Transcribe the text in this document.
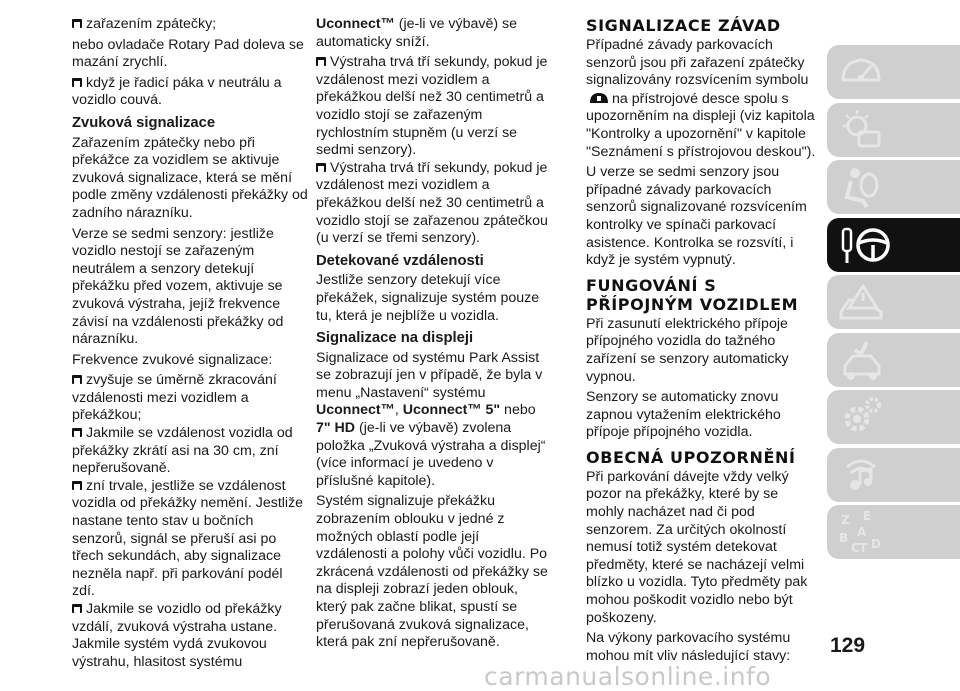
zařazením zpátečky;

nebo ovladače Rotary Pad doleva se mazání zrychlí.

když je řadicí páka v neutrálu a vozidlo couvá.

Zvuková signalizace

Zařazením zpátečky nebo při překážce za vozidlem se aktivuje zvuková signalizace, která se mění podle změny vzdálenosti překážky od zadního nárazníku.

Verze se sedmi senzory: jestliže vozidlo nestojí se zařazeným neutrálem a senzory detekují překážku před vozem, aktivuje se zvuková výstraha, jejíž frekvence závisí na vzdálenosti překážky od nárazníku.

Frekvence zvukové signalizace:

zvyšuje se úměrně zkracování vzdálenosti mezi vozidlem a překážkou;

Jakmile se vzdálenost vozidla od překážky zkrátí asi na 30 cm, zní nepřerušovaně.

zní trvale, jestliže se vzdálenost vozidla od překážky nemění. Jestliže nastane tento stav u bočních senzorů, signál se přeruší asi po třech sekundách, aby signalizace nezněla např. při parkování podél zdí.

Jakmile se vozidlo od překážky vzdálí, zvuková výstraha ustane.

Jakmile systém vydá zvukovou výstrahu, hlasitost systému

Uconnect™ (je-li ve výbavě) se automaticky sníží.

Výstraha trvá tří sekundy, pokud je vzdálenost mezi vozidlem a překážkou delší než 30 centimetrů a vozidlo stojí se zařazeným rychlostním stupněm (u verzí se sedmi senzory).

Výstraha trvá tří sekundy, pokud je vzdálenost mezi vozidlem a překážkou delší než 30 centimetrů a vozidlo stojí se zařazenou zpátečkou (u verzí se třemi senzory).

Detekované vzdálenosti

Jestliže senzory detekují více překážek, signalizuje systém pouze tu, která je nejblíže u vozidla.

Signalizace na displeji

Signalizace od systému Park Assist se zobrazují jen v případě, že byla v menu „Nastavení“ systému Uconnect™, Uconnect™ 5" nebo 7" HD (je-li ve výbavě) zvolena položka „Zvuková výstraha a displej“ (více informací je uvedeno v příslušné kapitole).

Systém signalizuje překážku zobrazením oblouku v jedné z možných oblastí podle její vzdálenosti a polohy vůči vozidlu. Po zkrácená vzdálenosti od překážky se na displeji zobrazí jeden oblouk, který pak začne blikat, spustí se přerušovaná zvuková signalizace, která pak zní nepřerušovaně.

SIGNALIZACE ZÁVAD

Případné závady parkovacích senzorů jsou při zařazení zpátečky signalizovány rozsvícením symboluna přístrojové desce spolu s upozorněním na displeji (viz kapitola "Kontrolky a upozornění" v kapitole "Seznámení s přístrojovou deskou").

U verze se sedmi senzory jsou případné závady parkovacích senzorů signalizované rozsvícením kontrolky ve spínači parkovací asistence. Kontrolka se rozsvítí, i když je systém vypnutý.

FUNGOVÁNÍ S PŘÍPOJNÝM VOZIDLEM

Při zasunutí elektrického přípoje přípojného vozidla do tažného zařízení se senzory automaticky vypnou.

Senzory se automaticky znovu zapnou vytažením elektrického přípoje přípojného vozidla.

OBECNÁ UPOZORNĚNÍ

Při parkování dávejte vždy velký pozor na překážky, které by se mohly nacházet nad či pod senzorem. Za určitých okolností nemusí totiž systém detekovat předměty, které se nacházejí velmi blízko u vozidla. Tyto předměty pak mohou poškodit vozidlo nebo být poškozeny.

Na výkony parkovacího systému mohou mít vliv následující stavy:

Z E
B
C T D
A
129
carmanualsonline.info
